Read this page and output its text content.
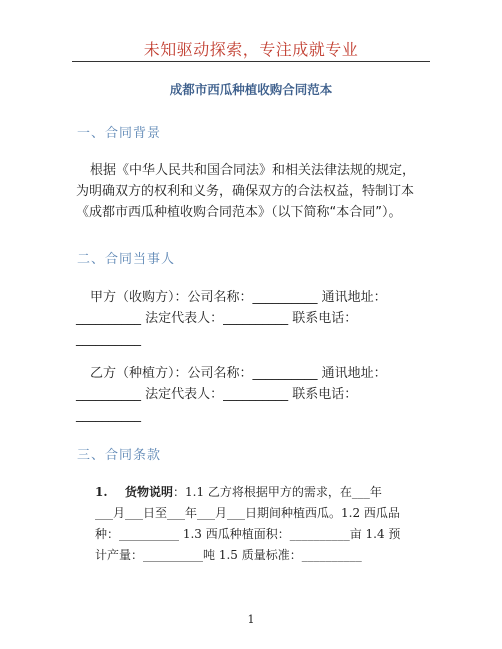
未知驱动探索，专注成就专业
成都市西瓜种植收购合同范本
一、合同背景
根据《中华人民共和国合同法》和相关法律法规的规定，
为明确双方的权利和义务，确保双方的合法权益，特制订本
《成都市西瓜种植收购合同范本》（以下简称“本合同”）。
二、合同当事人
甲方（收购方）：公司名称：__________ 通讯地址：
__________ 法定代表人：__________ 联系电话：
__________
乙方（种植方）：公司名称：__________ 通讯地址：
__________ 法定代表人：__________ 联系电话：
__________
三、合同条款
1. 货物说明：1.1 乙方将根据甲方的需求，在___年
___月___日至___年___月___日期间种植西瓜。1.2 西瓜品
种：__________ 1.3 西瓜种植面积：__________亩 1.4 预
计产量：__________吨 1.5 质量标准：__________
1
